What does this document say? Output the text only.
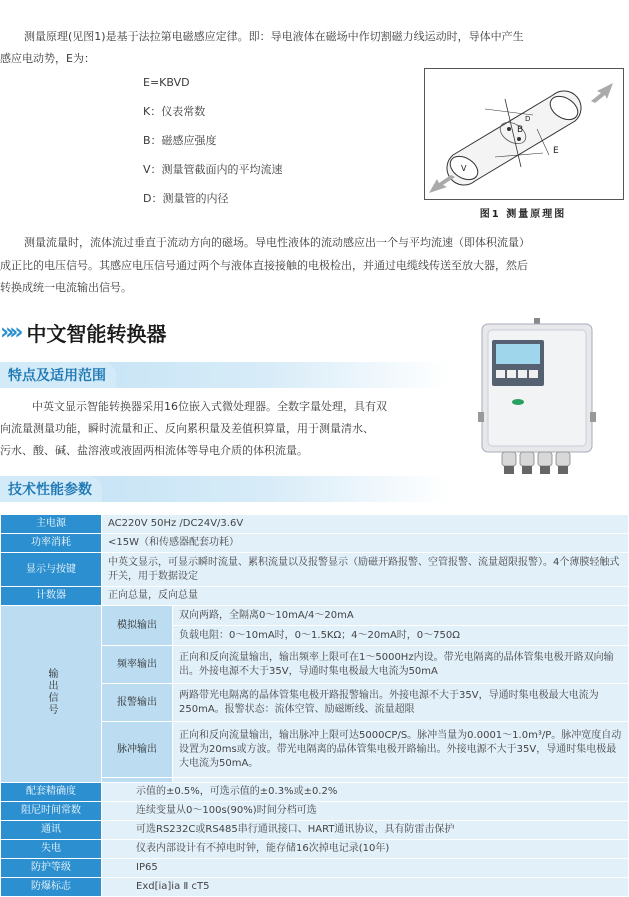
测量原理(见图1)是基于法拉第电磁感应定律。即：导电液体在磁场中作切割磁力线运动时，导体中产生
感应电动势，E为：
E=KBVD
K：仪表常数
B：磁感应强度
V：测量管截面内的平均流速
D：测量管的内径
B
E
V
D
图1 测量原理图
测量流量时，流体流过垂直于流动方向的磁场。导电性液体的流动感应出一个与平均流速（即体积流量）
成正比的电压信号。其感应电压信号通过两个与液体直接接触的电极检出，并通过电缆线传送至放大器，然后
转换成统一电流输出信号。
»» 中文智能转换器
特点及适用范围
中英文显示智能转换器采用16位嵌入式微处理器。全数字量处理，具有双
向流量测量功能，瞬时流量和正、反向累积量及差值积算量，用于测量清水、
污水、酸、碱、盐溶液或液固两相流体等导电介质的体积流量。
技术性能参数
主电源	AC220V 50Hz /DC24V/3.6V	
功率消耗	<15W（和传感器配套功耗）	
显示与按键	中英文显示，可显示瞬时流量、累积流量以及报警显示（励磁开路报警、空管报警、流量超限报警）。4个薄膜轻触式开关，用于数据设定	
计数器	正向总量，反向总量	
输出信号	模拟输出	双向两路，全隔离0～10mA/4～20mA
		负载电阻：0～10mA时，0～1.5KΩ；4～20mA时，0～750Ω
	频率输出	正向和反向流量输出，输出频率上限可在1～5000Hz内设。带光电隔离的晶体管集电极开路双向输出。外接电源不大于35V，导通时集电极最大电流为50mA
	报警输出	两路带光电隔离的晶体管集电极开路报警输出。外接电源不大于35V，导通时集电极最大电流为250mA。报警状态：流体空管、励磁断线、流量超限
	脉冲输出	正向和反向流量输出，输出脉冲上限可达5000CP/S。脉冲当量为0.0001～1.0m³/P。脉冲宽度自动设置为20ms或方波。带光电隔离的晶体管集电极开路输出。外接电源不大于35V，导通时集电极最大电流为50mA。

配套精确度	示值的±0.5%，可选示值的±0.3%或±0.2%	
阻尼时间常数	连续变量从0～100s(90%)时间分档可选	
通讯	可选RS232C或RS485串行通讯接口、HART通讯协议，具有防雷击保护	
失电	仪表内部设计有不掉电时钟，能存储16次掉电记录(10年)	
防护等级	IP65	
防爆标志	Exd[ia]ia Ⅱ cT5	
